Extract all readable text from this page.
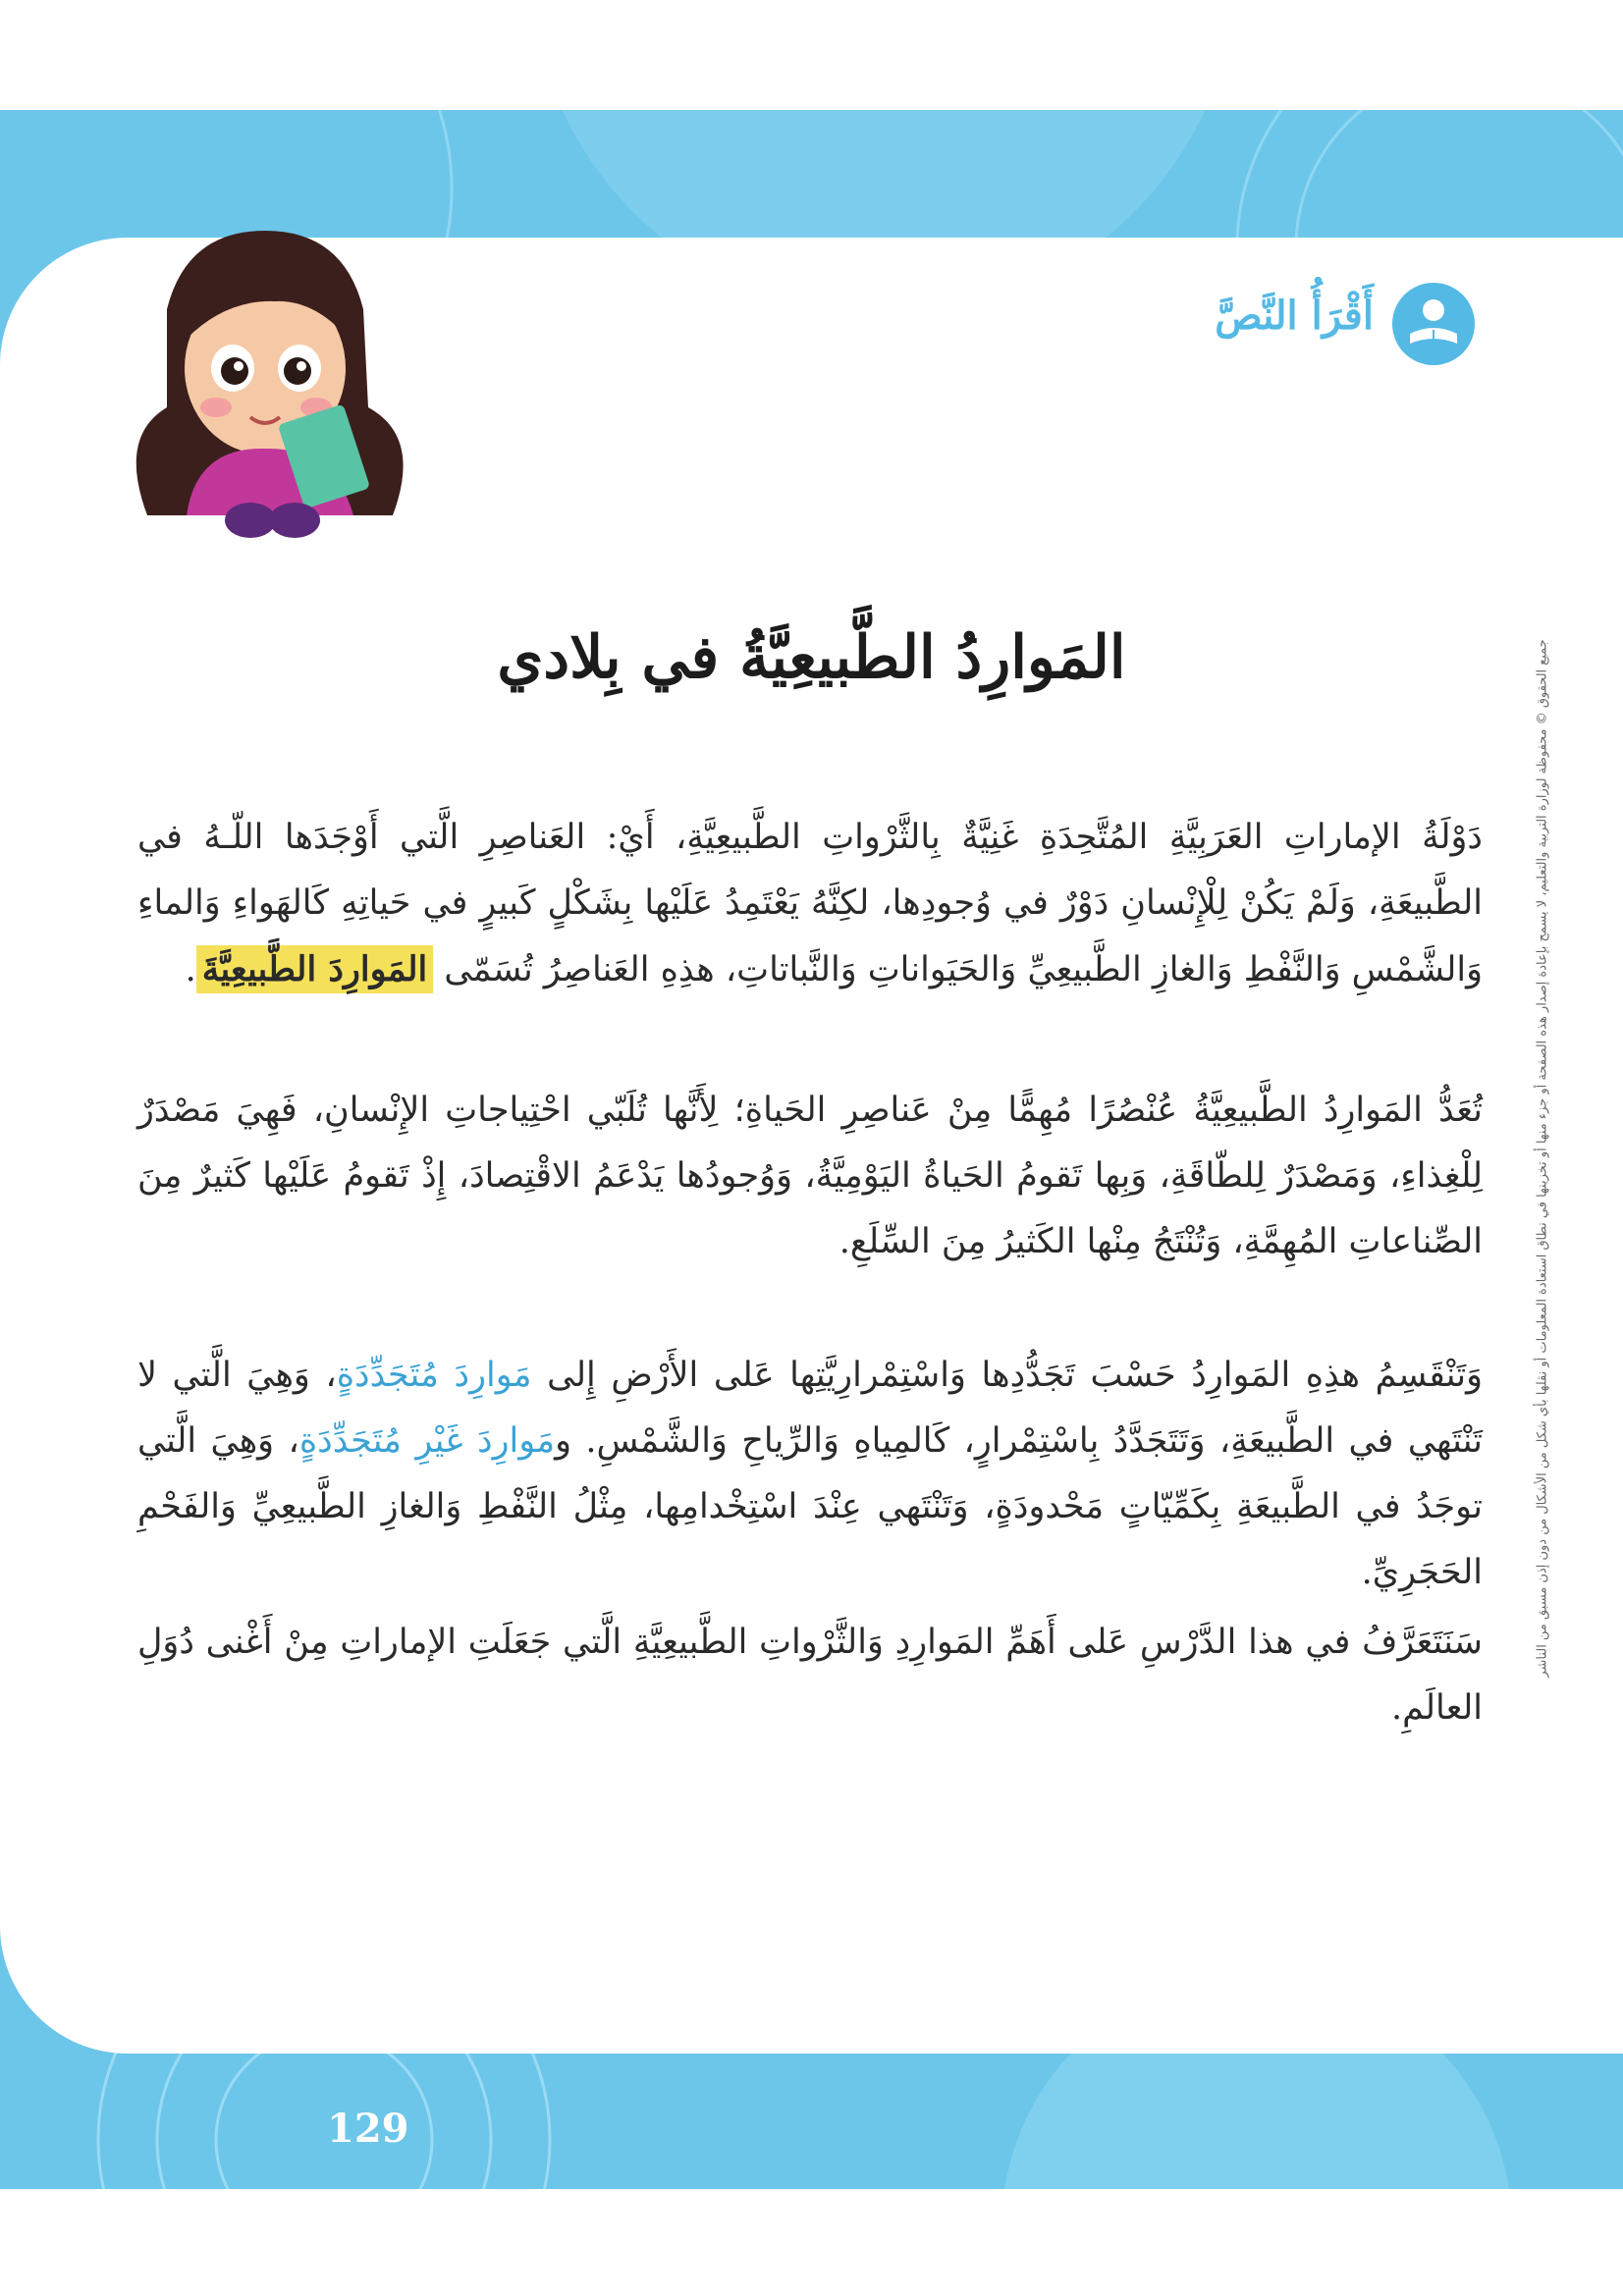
أَقْرَأُ النَّصَّ
المَوارِدُ الطَّبيعِيَّةُ في بِلادي

دَوْلَةُ الإماراتِ العَرَبِيَّةِ المُتَّحِدَةِ غَنِيَّةٌ بِالثَّرْواتِ الطَّبيعِيَّةِ، أَيْ: العَناصِرِ الَّتي أَوْجَدَها اللّـهُ في الطَّبيعَةِ، وَلَمْ يَكُنْ لِلْإِنْسانِ دَوْرٌ في وُجودِها، لكِنَّهُ يَعْتَمِدُ عَلَيْها بِشَكْلٍ كَبيرٍ في حَياتِهِ كَالهَواءِ وَالماءِ وَالشَّمْسِ وَالنَّفْطِ وَالغازِ الطَّبيعِيِّ وَالحَيَواناتِ وَالنَّباتاتِ، هذِهِ العَناصِرُ تُسَمّى المَوارِدَ الطَّبيعِيَّةَ.

تُعَدُّ المَوارِدُ الطَّبيعِيَّةُ عُنْصُرًا مُهِمًّا مِنْ عَناصِرِ الحَياةِ؛ لِأَنَّها تُلَبّي احْتِياجاتِ الإِنْسانِ، فَهِيَ مَصْدَرٌ لِلْغِذاءِ، وَمَصْدَرٌ لِلطّاقَةِ، وَبِها تَقومُ الحَياةُ اليَوْمِيَّةُ، وَوُجودُها يَدْعَمُ الاقْتِصادَ، إِذْ تَقومُ عَلَيْها كَثيرٌ مِنَ الصِّناعاتِ المُهِمَّةِ، وَتُنْتَجُ مِنْها الكَثيرُ مِنَ السِّلَعِ.

وَتَنْقَسِمُ هذِهِ المَوارِدُ حَسْبَ تَجَدُّدِها وَاسْتِمْرارِيَّتِها عَلى الأَرْضِ إِلى مَوارِدَ مُتَجَدِّدَةٍ، وَهِيَ الَّتي لا تَنْتَهي في الطَّبيعَةِ، وَتَتَجَدَّدُ بِاسْتِمْرارٍ، كَالمِياهِ وَالرِّياحِ وَالشَّمْسِ. ومَوارِدَ غَيْرِ مُتَجَدِّدَةٍ، وَهِيَ الَّتي توجَدُ في الطَّبيعَةِ بِكَمِّيّاتٍ مَحْدودَةٍ، وَتَنْتَهي عِنْدَ اسْتِخْدامِها، مِثْلُ النَّفْطِ وَالغازِ الطَّبيعِيِّ وَالفَحْمِ الحَجَرِيِّ.

سَنَتَعَرَّفُ في هذا الدَّرْسِ عَلى أَهَمِّ المَوارِدِ وَالثَّرْواتِ الطَّبيعِيَّةِ الَّتي جَعَلَتِ الإماراتِ مِنْ أَغْنى دُوَلِ العالَمِ.

جميع الحقوق © محفوظة لوزارة التربية والتعليم، لا يسمح بإعادة إصدار هذه الصفحة أو جزء منها أو تخزينها في نطاق استعادة المعلومات أو نقلها بأي شكل من الأشكال من دون إذن مسبق من الناشر
129
